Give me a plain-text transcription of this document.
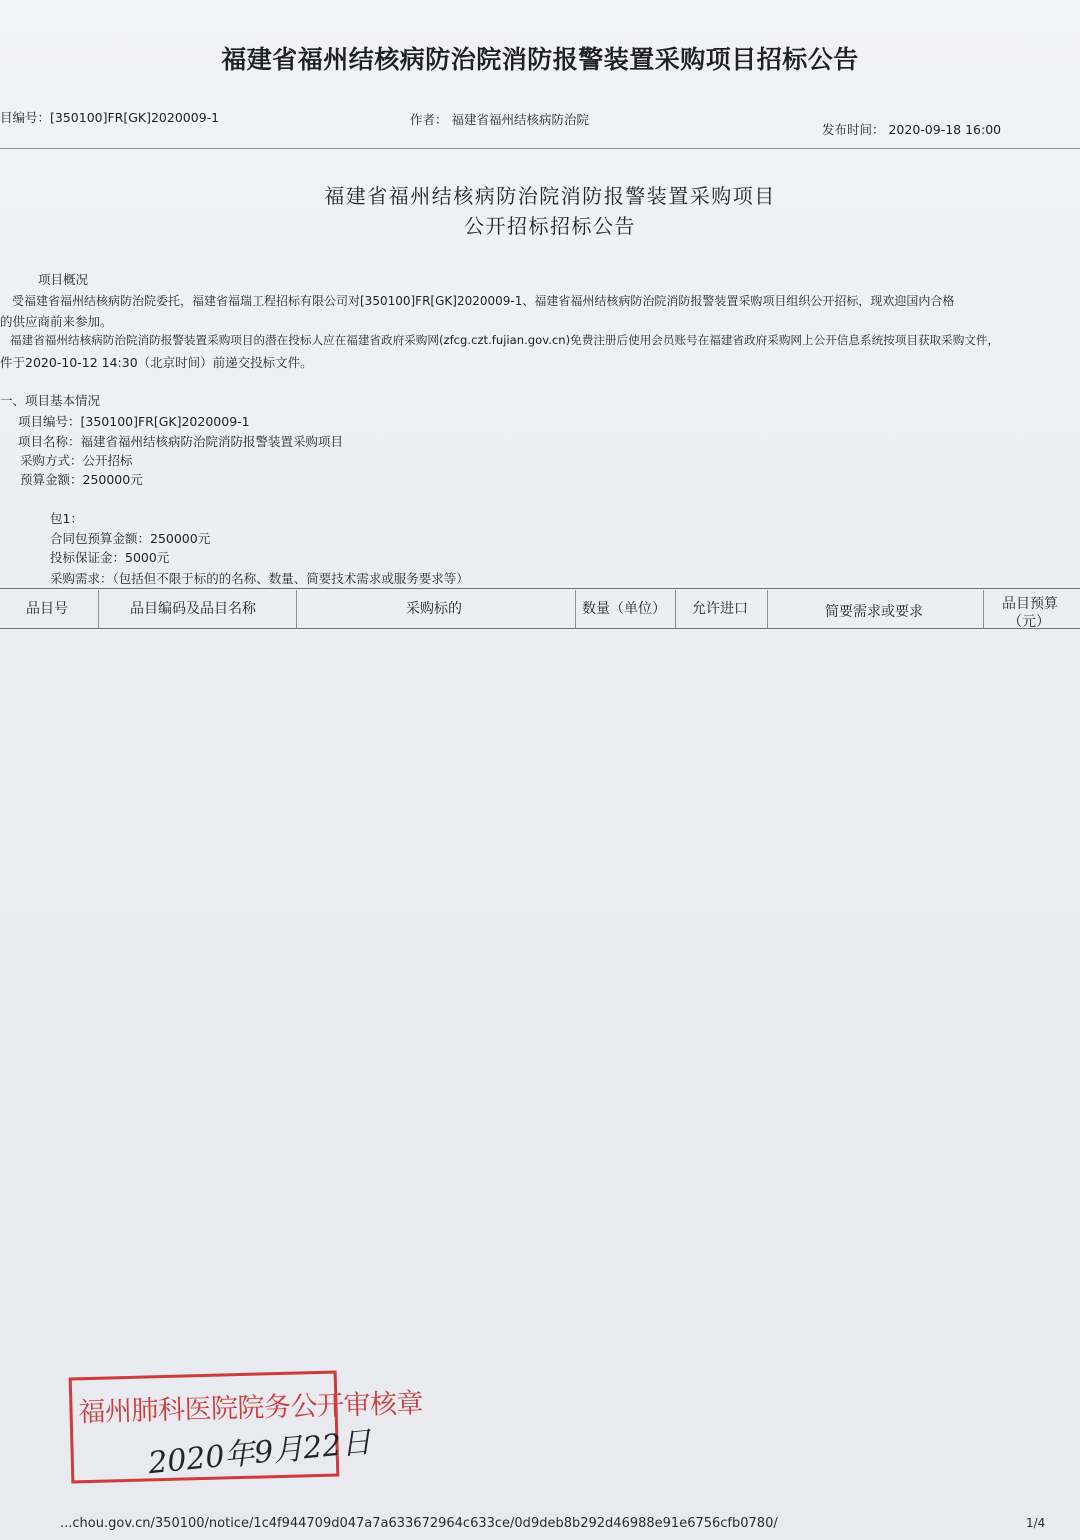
福建省福州结核病防治院消防报警装置采购项目招标公告
目编号：[350100]FR[GK]2020009-1	作者： 福建省福州结核病防治院
发布时间： 2020-09-18 16:00
福建省福州结核病防治院消防报警装置采购项目
公开招标招标公告
项目概况
受福建省福州结核病防治院委托，福建省福瑞工程招标有限公司对[350100]FR[GK]2020009-1、福建省福州结核病防治院消防报警装置采购项目组织公开招标，现欢迎国内合格
的供应商前来参加。
福建省福州结核病防治院消防报警装置采购项目的潜在投标人应在福建省政府采购网(zfcg.czt.fujian.gov.cn)免费注册后使用会员账号在福建省政府采购网上公开信息系统按项目获取采购文件，
件于2020-10-12 14:30（北京时间）前递交投标文件。
一、项目基本情况
项目编号：[350100]FR[GK]2020009-1
项目名称：福建省福州结核病防治院消防报警装置采购项目
采购方式：公开招标
预算金额：250000元
包1：
合同包预算金额：250000元
投标保证金：5000元
采购需求：（包括但不限于标的的名称、数量、简要技术需求或服务要求等）
品目号	品目编码及品目名称	采购标的	数量（单位） 允许进口	简要需求或要求	品目预算
（元）
福州肺科医院院务公开审核章
2020年9月22日
...chou.gov.cn/350100/notice/1c4f944709d047a7a633672964c633ce/0d9deb8b292d46988e91e6756cfb0780/	1/4
